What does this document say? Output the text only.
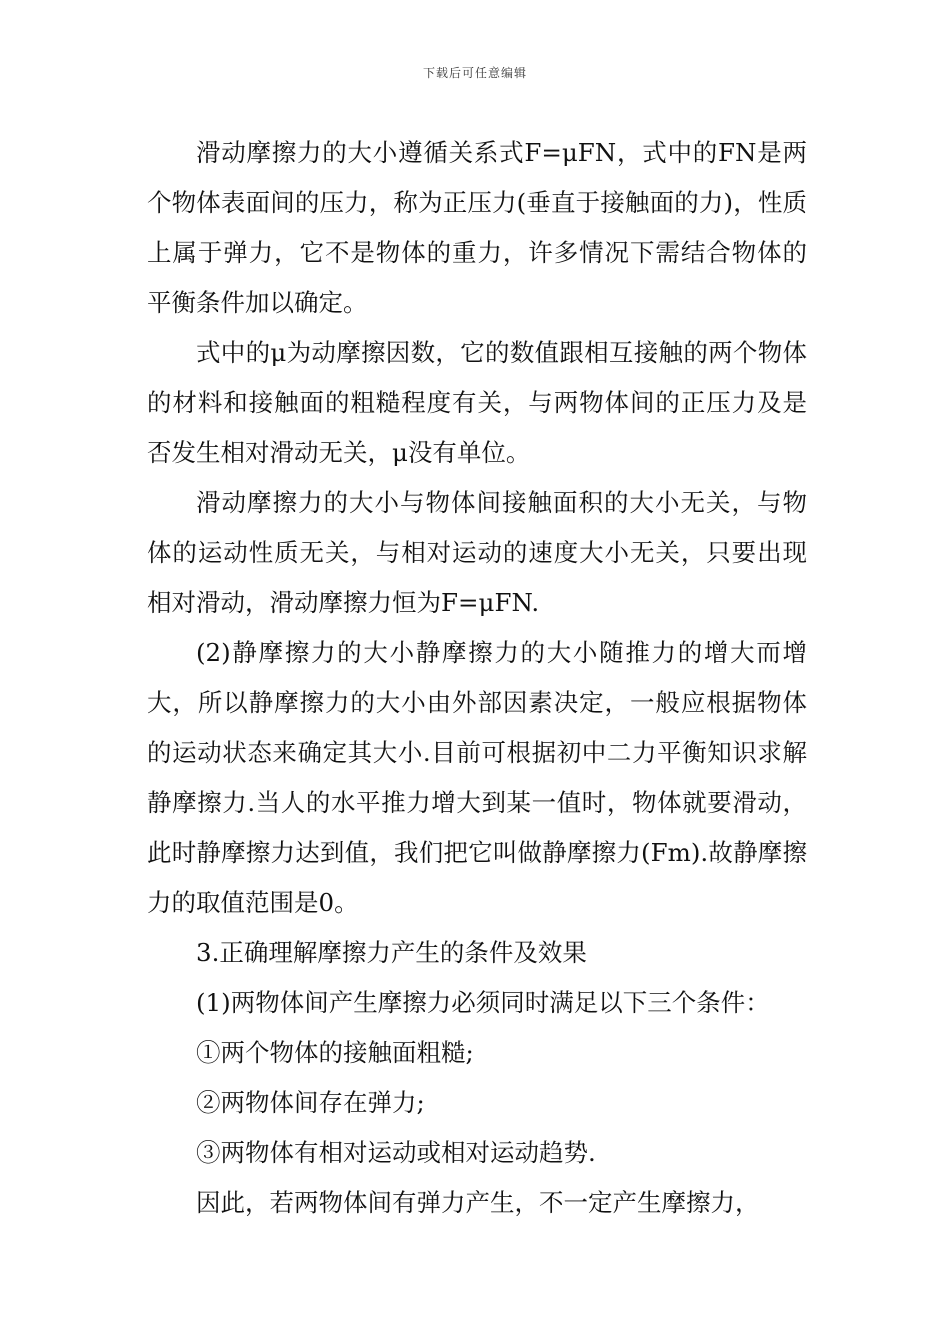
下载后可任意编辑

滑动摩擦力的大小遵循关系式F=μFN，式中的FN是两个物体表面间的压力，称为正压力(垂直于接触面的力)，性质上属于弹力，它不是物体的重力，许多情况下需结合物体的平衡条件加以确定。

式中的μ为动摩擦因数，它的数值跟相互接触的两个物体的材料和接触面的粗糙程度有关，与两物体间的正压力及是否发生相对滑动无关，μ没有单位。

滑动摩擦力的大小与物体间接触面积的大小无关，与物体的运动性质无关，与相对运动的速度大小无关，只要出现相对滑动，滑动摩擦力恒为F=μFN.

(2)静摩擦力的大小静摩擦力的大小随推力的增大而增大，所以静摩擦力的大小由外部因素决定，一般应根据物体的运动状态来确定其大小.目前可根据初中二力平衡知识求解静摩擦力.当人的水平推力增大到某一值时，物体就要滑动，此时静摩擦力达到值，我们把它叫做静摩擦力(Fm).故静摩擦力的取值范围是0。

3.正确理解摩擦力产生的条件及效果

(1)两物体间产生摩擦力必须同时满足以下三个条件：

①两个物体的接触面粗糙;

②两物体间存在弹力;

③两物体有相对运动或相对运动趋势.

因此，若两物体间有弹力产生，不一定产生摩擦力，
